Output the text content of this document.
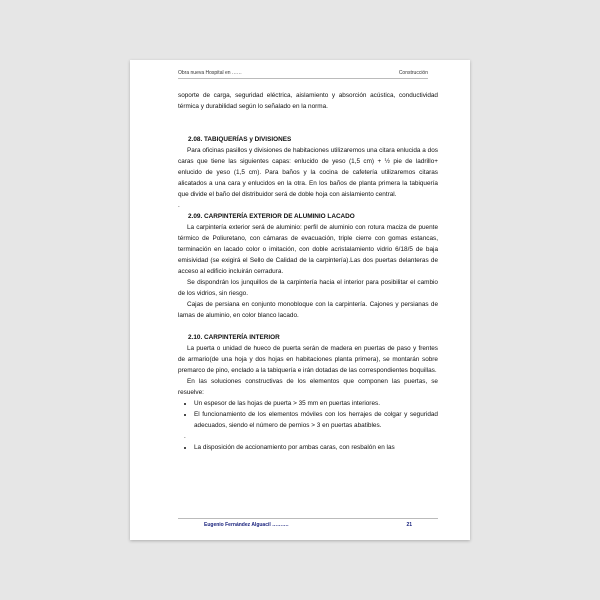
Obra nueva Hospital en ……	Construcción

soporte de carga, seguridad eléctrica, aislamiento y absorción acústica, conductividad térmica y durabilidad según lo señalado en la norma.

2.08. TABIQUERÍAS y DIVISIONES

Para oficinas pasillos y divisiones de habitaciones utilizaremos una citara enlucida a dos caras que tiene las siguientes capas: enlucido de yeso (1,5 cm) + ½ pie de ladrillo+ enlucido de yeso (1,5 cm). Para baños y la cocina de cafetería utilizaremos citaras alicatados a una cara y enlucidos en la otra. En los baños de planta primera la tabiquería que divide el baño del distribuidor será de doble hoja con aislamiento central.

.

2.09. CARPINTERÍA EXTERIOR DE ALUMINIO LACADO

La carpintería exterior será de aluminio: perfil de aluminio con rotura maciza de puente térmico de Poliuretano, con cámaras de evacuación, triple cierre con gomas estancas, terminación en lacado color o imitación, con doble acristalamiento vidrio 6/18/5 de baja emisividad (se exigirá el Sello de Calidad de la carpintería).Las dos puertas delanteras de acceso al edificio incluirán cerradura.

Se dispondrán los junquillos de la carpintería hacia el interior para posibilitar el cambio de los vidrios, sin riesgo.

Cajas de persiana en conjunto monobloque con la carpintería. Cajones y persianas de lamas de aluminio, en color blanco lacado.

2.10. CARPINTERÍA INTERIOR

La puerta o unidad de hueco de puerta serán de madera en puertas de paso y frentes de armario(de una hoja y dos hojas en habitaciones planta primera), se montarán sobre premarco de pino, enclado a la tabiquería e irán dotadas de las correspondientes boquillas.

En las soluciones constructivas de los elementos que componen las puertas, se resuelve:

• Un espesor de las hojas de puerta > 35 mm en puertas interiores.
• El funcionamiento de los elementos móviles con los herrajes de colgar y seguridad adecuados, siendo el número de pernios > 3 en puertas abatibles.

.

• La disposición de accionamiento por ambas caras, con resbalón en las
Eugenio Fernández Alguacil ……….	21
